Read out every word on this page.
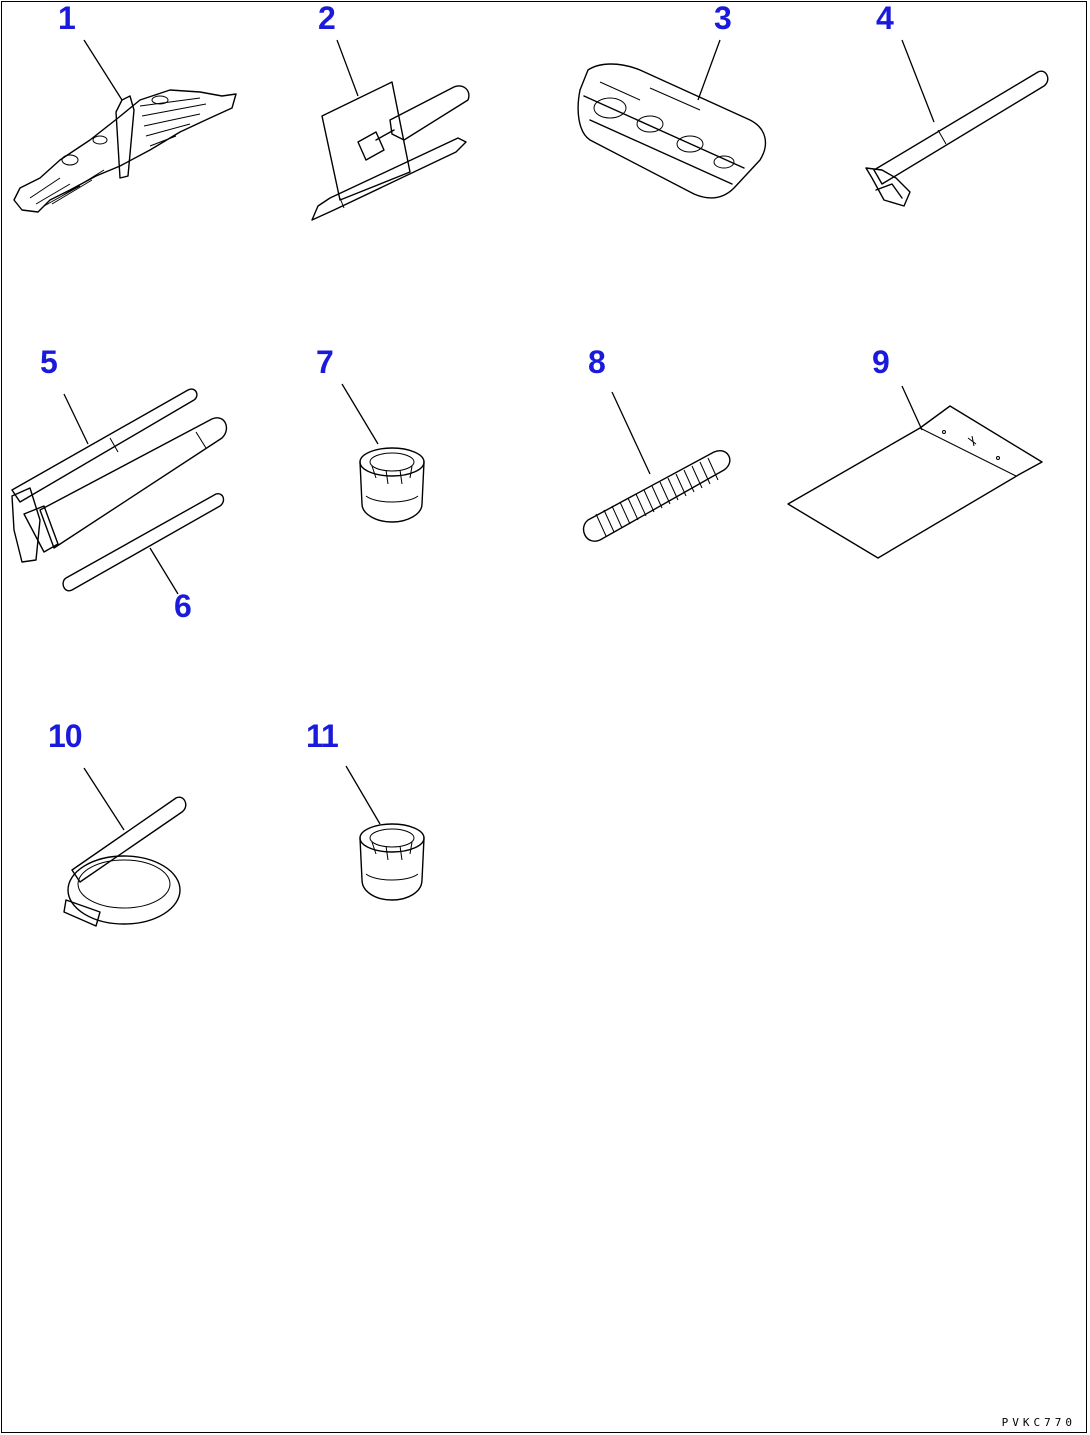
1	2	3	4
5
6
7	8	9
10	11
PVKC770
